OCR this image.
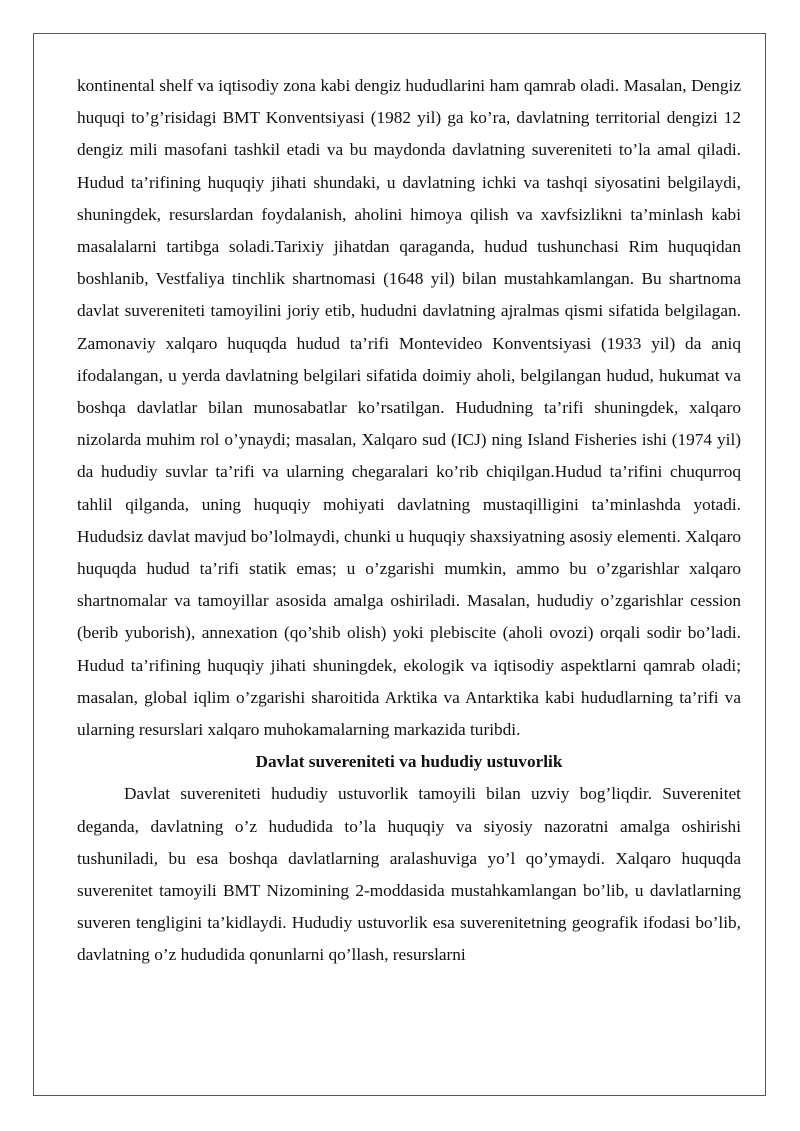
kontinental shelf va iqtisodiy zona kabi dengiz hududlarini ham qamrab oladi. Masalan, Dengiz huquqi to’g’risidagi BMT Konventsiyasi (1982 yil) ga ko’ra, davlatning territorial dengizi 12 dengiz mili masofani tashkil etadi va bu maydonda davlatning suvereniteti to’la amal qiladi. Hudud ta’rifining huquqiy jihati shundaki, u davlatning ichki va tashqi siyosatini belgilaydi, shuningdek, resurslardan foydalanish, aholini himoya qilish va xavfsizlikni ta’minlash kabi masalalarni tartibga soladi.Tarixiy jihatdan qaraganda, hudud tushunchasi Rim huquqidan boshlanib, Vestfaliya tinchlik shartnomasi (1648 yil) bilan mustahkamlangan. Bu shartnoma davlat suvereniteti tamoyilini joriy etib, hududni davlatning ajralmas qismi sifatida belgilagan. Zamonaviy xalqaro huquqda hudud ta’rifi Montevideo Konventsiyasi (1933 yil) da aniq ifodalangan, u yerda davlatning belgilari sifatida doimiy aholi, belgilangan hudud, hukumat va boshqa davlatlar bilan munosabatlar ko’rsatilgan. Hududning ta’rifi shuningdek, xalqaro nizolarda muhim rol o’ynaydi; masalan, Xalqaro sud (ICJ) ning Island Fisheries ishi (1974 yil) da hududiy suvlar ta’rifi va ularning chegaralari ko’rib chiqilgan.Hudud ta’rifini chuqurroq tahlil qilganda, uning huquqiy mohiyati davlatning mustaqilligini ta’minlashda yotadi. Hududsiz davlat mavjud bo’lolmaydi, chunki u huquqiy shaxsiyatning asosiy elementi. Xalqaro huquqda hudud ta’rifi statik emas; u o’zgarishi mumkin, ammo bu o’zgarishlar xalqaro shartnomalar va tamoyillar asosida amalga oshiriladi. Masalan, hududiy o’zgarishlar cession (berib yuborish), annexation (qo’shib olish) yoki plebiscite (aholi ovozi) orqali sodir bo’ladi. Hudud ta’rifining huquqiy jihati shuningdek, ekologik va iqtisodiy aspektlarni qamrab oladi; masalan, global iqlim o’zgarishi sharoitida Arktika va Antarktika kabi hududlarning ta’rifi va ularning resurslari xalqaro muhokamalarning markazida turibdi.

Davlat suvereniteti va hududiy ustuvorlik

Davlat suvereniteti hududiy ustuvorlik tamoyili bilan uzviy bog’liqdir. Suverenitet deganda, davlatning o’z hududida to’la huquqiy va siyosiy nazoratni amalga oshirishi tushuniladi, bu esa boshqa davlatlarning aralashuviga yo’l qo’ymaydi. Xalqaro huquqda suverenitet tamoyili BMT Nizomining 2-moddasida mustahkamlangan bo’lib, u davlatlarning suveren tengligini ta’kidlaydi. Hududiy ustuvorlik esa suverenitetning geografik ifodasi bo’lib, davlatning o’z hududida qonunlarni qo’llash, resurslarni
